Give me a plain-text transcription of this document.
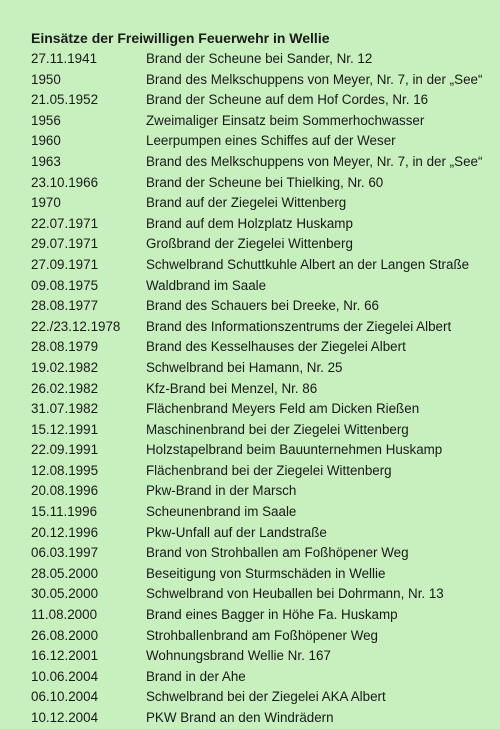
Einsätze der Freiwilligen Feuerwehr in Wellie
27.11.1941	Brand der Scheune bei Sander, Nr. 12
1950	Brand des Melkschuppens von Meyer, Nr. 7, in der „See“
21.05.1952	Brand der Scheune auf dem Hof Cordes, Nr. 16
1956	Zweimaliger Einsatz beim Sommerhochwasser
1960	Leerpumpen eines Schiffes auf der Weser
1963	Brand des Melkschuppens von Meyer, Nr. 7, in der „See“
23.10.1966	Brand der Scheune bei Thielking, Nr. 60
1970	Brand auf der Ziegelei Wittenberg
22.07.1971	Brand auf dem Holzplatz Huskamp
29.07.1971	Großbrand der Ziegelei Wittenberg
27.09.1971	Schwelbrand Schuttkuhle Albert an der Langen Straße
09.08.1975	Waldbrand im Saale
28.08.1977	Brand des Schauers bei Dreeke, Nr. 66
22./23.12.1978	Brand des Informationszentrums der Ziegelei Albert
28.08.1979	Brand des Kesselhauses der Ziegelei Albert
19.02.1982	Schwelbrand bei Hamann, Nr. 25
26.02.1982	Kfz-Brand bei Menzel, Nr. 86
31.07.1982	Flächenbrand Meyers Feld am Dicken Rießen
15.12.1991	Maschinenbrand bei der Ziegelei Wittenberg
22.09.1991	Holzstapelbrand beim Bauunternehmen Huskamp
12.08.1995	Flächenbrand bei der Ziegelei Wittenberg
20.08.1996	Pkw-Brand in der Marsch
15.11.1996	Scheunenbrand im Saale
20.12.1996	Pkw-Unfall auf der Landstraße
06.03.1997	Brand von Strohballen am Foßhöpener Weg
28.05.2000	Beseitigung von Sturmschäden in Wellie
30.05.2000	Schwelbrand von Heuballen bei Dohrmann, Nr. 13
11.08.2000	Brand eines Bagger in Höhe Fa. Huskamp
26.08.2000	Strohballenbrand am Foßhöpener Weg
16.12.2001	Wohnungsbrand Wellie Nr. 167
10.06.2004	Brand in der Ahe
06.10.2004	Schwelbrand bei der Ziegelei AKA Albert
10.12.2004	PKW Brand an den Windrädern
